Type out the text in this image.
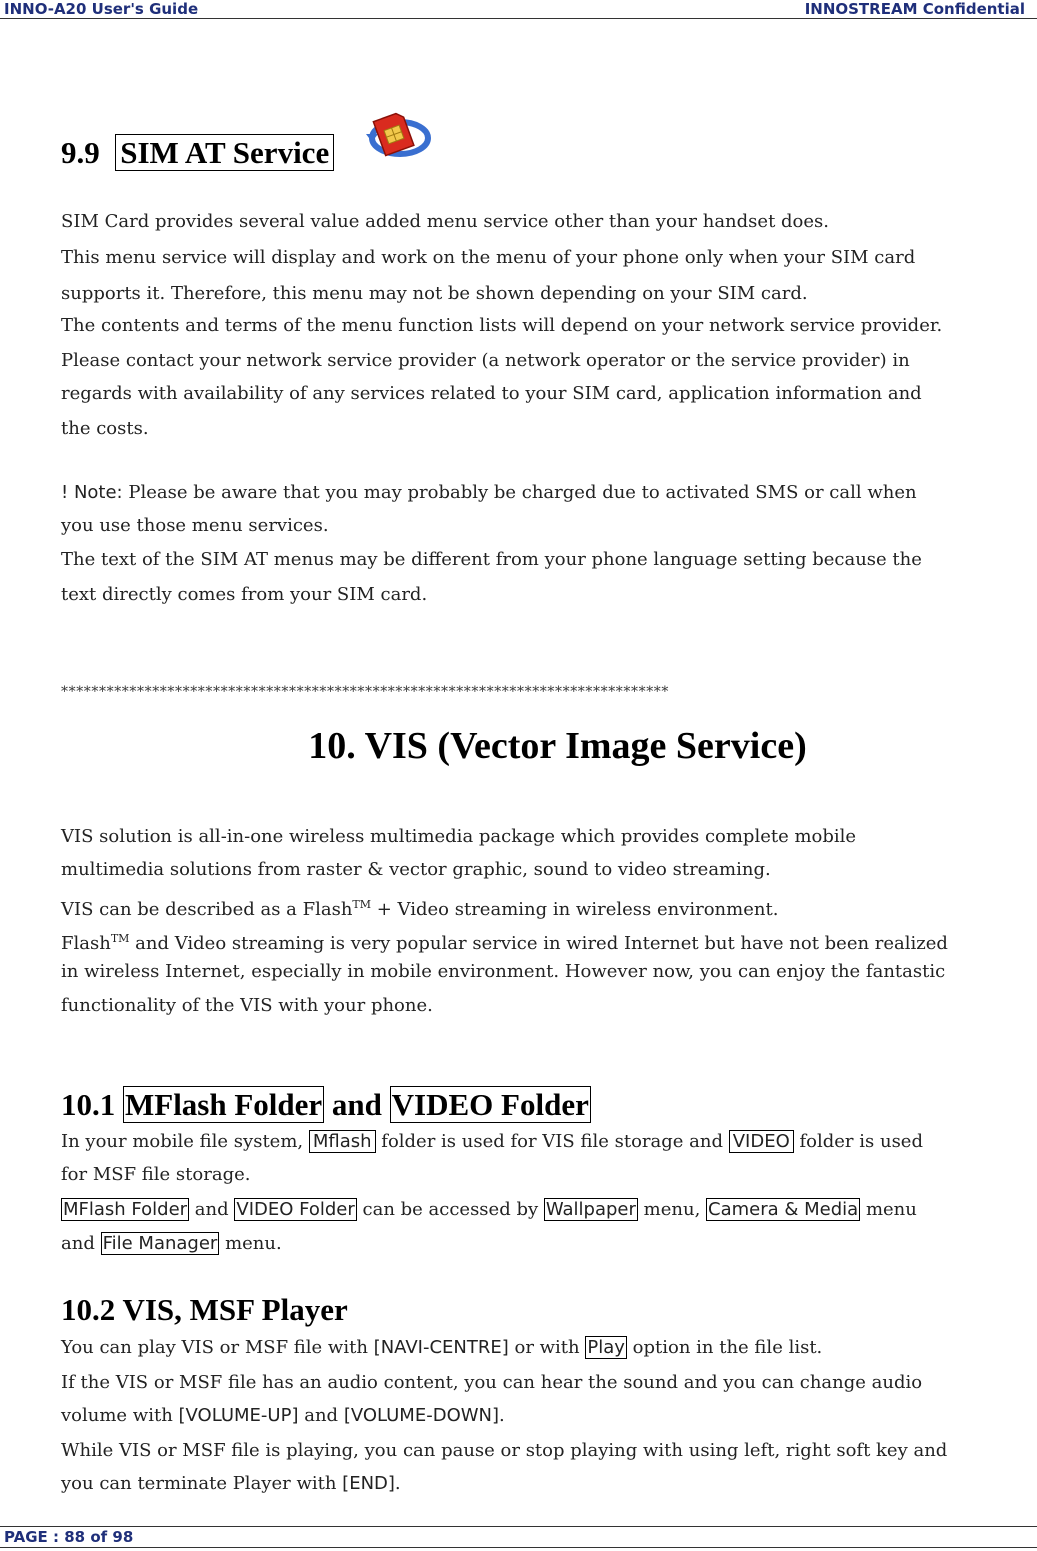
INNO-A20 User's Guide	INNOSTREAM Confidential
9.9 SIM AT Service
SIM Card provides several value added menu service other than your handset does.
This menu service will display and work on the menu of your phone only when your SIM card
supports it. Therefore, this menu may not be shown depending on your SIM card.
The contents and terms of the menu function lists will depend on your network service provider.
Please contact your network service provider (a network operator or the service provider) in
regards with availability of any services related to your SIM card, application information and
the costs.
! Note: Please be aware that you may probably be charged due to activated SMS or call when
you use those menu services.
The text of the SIM AT menus may be different from your phone language setting because the
text directly comes from your SIM card.
********************************************************************************
10. VIS (Vector Image Service)
VIS solution is all-in-one wireless multimedia package which provides complete mobile
multimedia solutions from raster & vector graphic, sound to video streaming.
VIS can be described as a Flash™ + Video streaming in wireless environment.
Flash™ and Video streaming is very popular service in wired Internet but have not been realized
in wireless Internet, especially in mobile environment. However now, you can enjoy the fantastic
functionality of the VIS with your phone.
10.1 MFlash Folder and VIDEO Folder
In your mobile file system, Mflash folder is used for VIS file storage and VIDEO folder is used
for MSF file storage.
MFlash Folder and VIDEO Folder can be accessed by Wallpaper menu, Camera & Media menu
and File Manager menu.
10.2 VIS, MSF Player
You can play VIS or MSF file with [NAVI-CENTRE] or with Play option in the file list.
If the VIS or MSF file has an audio content, you can hear the sound and you can change audio
volume with [VOLUME-UP] and [VOLUME-DOWN].
While VIS or MSF file is playing, you can pause or stop playing with using left, right soft key and
you can terminate Player with [END].
PAGE : 88 of 98
